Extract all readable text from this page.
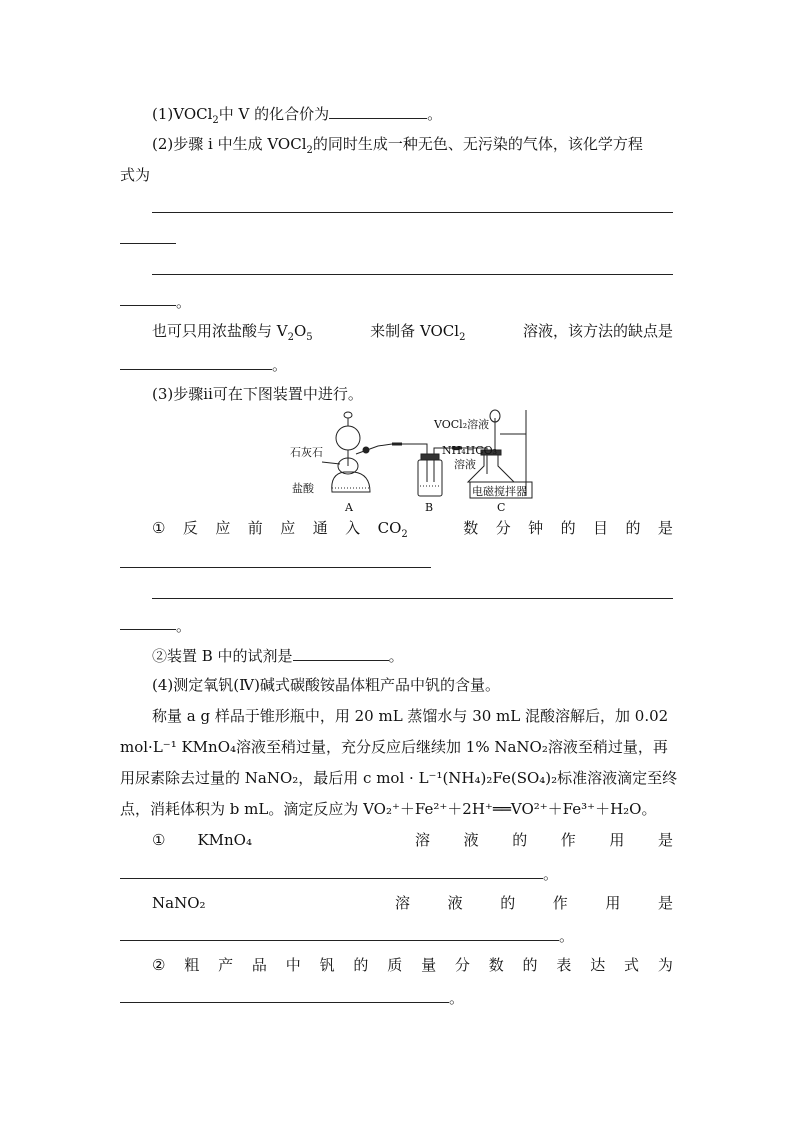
(1)VOCl$_2$中 V 的化合价为	。
(2)步骤 ⅰ 中生成 VOCl$_2$的同时生成一种无色、无污染的气体，该化学方程
式为
。
也可只用浓盐酸与 $V_2O_5$	来制备 VOCl$_2$	溶液，该方法的缺点是
。
(3)步骤ⅱ可在下图装置中进行。
VOCl₂溶液
NH₄HCO₃
溶液
石灰石
盐酸	电磁搅拌器
A	B	C
① 反 应 前 应 通 入 $CO_2$	数 分 钟 的 目 的 是
。
②装置 B 中的试剂是	。
(4)测定氧钒(Ⅳ)碱式碳酸铵晶体粗产品中钒的含量。
称量 a g 样品于锥形瓶中，用 20 mL 蒸馏水与 30 mL 混酸溶解后，加 0.02
mol·L⁻¹ KMnO₄溶液至稍过量，充分反应后继续加 1% NaNO₂溶液至稍过量，再
用尿素除去过量的 NaNO₂，最后用 c mol · L⁻¹(NH₄)₂Fe(SO₄)₂标准溶液滴定至终
点，消耗体积为 b mL。滴定反应为 VO₂⁺＋Fe²⁺＋2H⁺══VO²⁺＋Fe³⁺＋H₂O。
① KMnO₄	溶 液 的 作 用 是
。
NaNO₂	溶	液	的	作	用	是
。
② 粗 产 品 中 钒 的 质 量 分 数 的 表 达 式 为
。
